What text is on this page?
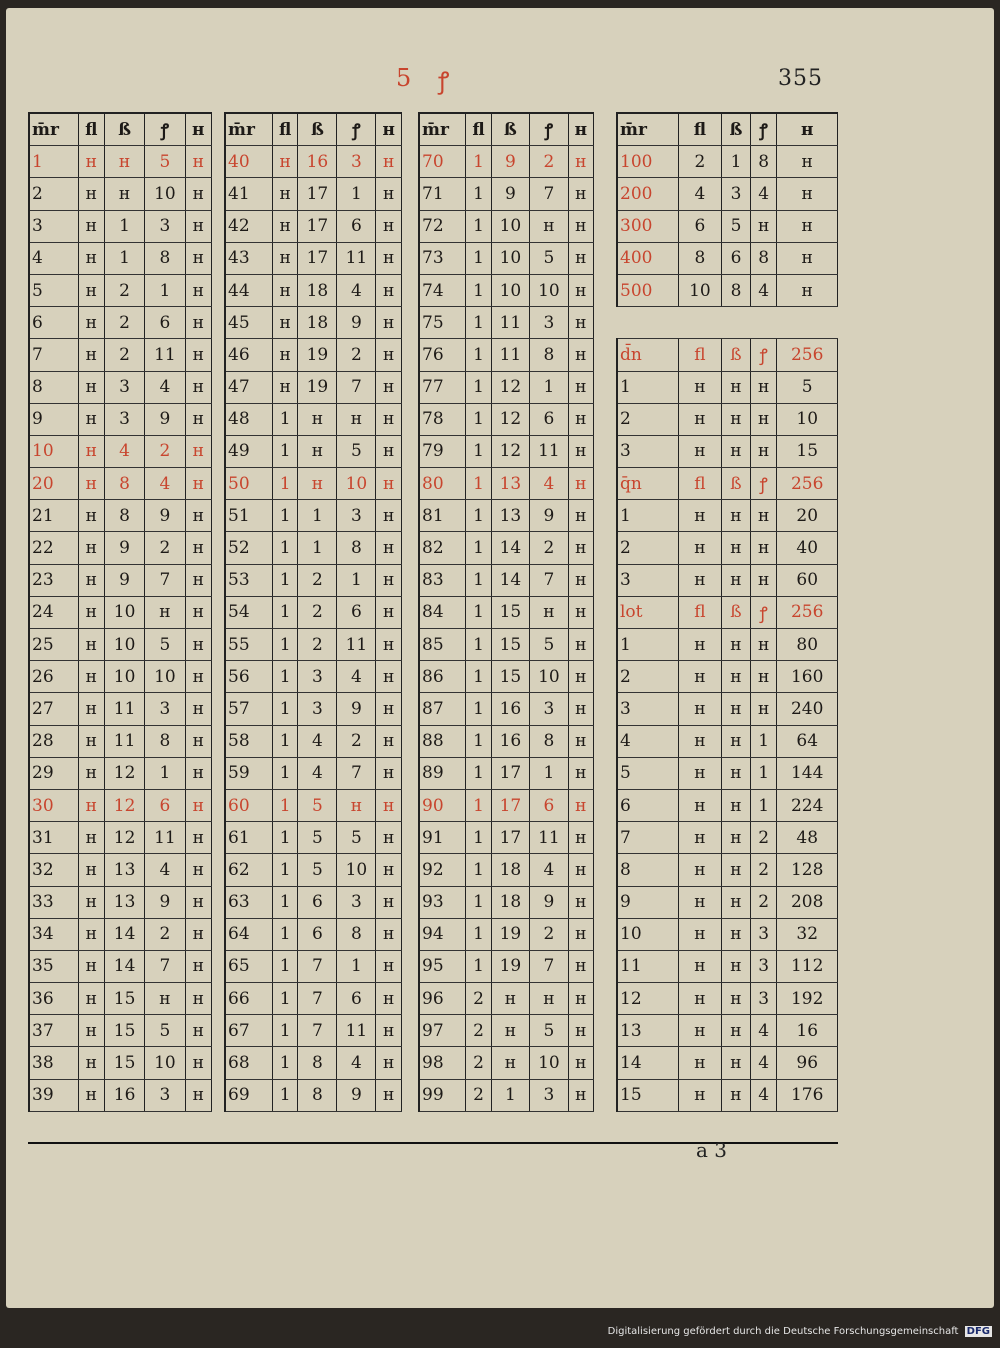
5 ꝭ	355
m̄r	fl	ß	ꝭ	ʜ
1	ʜ	ʜ	5	ʜ
2	ʜ	ʜ	10	ʜ
3	ʜ	1	3	ʜ
4	ʜ	1	8	ʜ
5	ʜ	2	1	ʜ
6	ʜ	2	6	ʜ
7	ʜ	2	11	ʜ
8	ʜ	3	4	ʜ
9	ʜ	3	9	ʜ
10	ʜ	4	2	ʜ
20	ʜ	8	4	ʜ
21	ʜ	8	9	ʜ
22	ʜ	9	2	ʜ
23	ʜ	9	7	ʜ
24	ʜ	10	ʜ	ʜ
25	ʜ	10	5	ʜ
26	ʜ	10	10	ʜ
27	ʜ	11	3	ʜ
28	ʜ	11	8	ʜ
29	ʜ	12	1	ʜ
30	ʜ	12	6	ʜ
31	ʜ	12	11	ʜ
32	ʜ	13	4	ʜ
33	ʜ	13	9	ʜ
34	ʜ	14	2	ʜ
35	ʜ	14	7	ʜ
36	ʜ	15	ʜ	ʜ
37	ʜ	15	5	ʜ
38	ʜ	15	10	ʜ
39	ʜ	16	3	ʜ
m̄r	fl	ß	ꝭ	ʜ
40	ʜ	16	3	ʜ
41	ʜ	17	1	ʜ
42	ʜ	17	6	ʜ
43	ʜ	17	11	ʜ
44	ʜ	18	4	ʜ
45	ʜ	18	9	ʜ
46	ʜ	19	2	ʜ
47	ʜ	19	7	ʜ
48	1	ʜ	ʜ	ʜ
49	1	ʜ	5	ʜ
50	1	ʜ	10	ʜ
51	1	1	3	ʜ
52	1	1	8	ʜ
53	1	2	1	ʜ
54	1	2	6	ʜ
55	1	2	11	ʜ
56	1	3	4	ʜ
57	1	3	9	ʜ
58	1	4	2	ʜ
59	1	4	7	ʜ
60	1	5	ʜ	ʜ
61	1	5	5	ʜ
62	1	5	10	ʜ
63	1	6	3	ʜ
64	1	6	8	ʜ
65	1	7	1	ʜ
66	1	7	6	ʜ
67	1	7	11	ʜ
68	1	8	4	ʜ
69	1	8	9	ʜ
m̄r	fl	ß	ꝭ	ʜ
70	1	9	2	ʜ
71	1	9	7	ʜ
72	1	10	ʜ	ʜ
73	1	10	5	ʜ
74	1	10	10	ʜ
75	1	11	3	ʜ
76	1	11	8	ʜ
77	1	12	1	ʜ
78	1	12	6	ʜ
79	1	12	11	ʜ
80	1	13	4	ʜ
81	1	13	9	ʜ
82	1	14	2	ʜ
83	1	14	7	ʜ
84	1	15	ʜ	ʜ
85	1	15	5	ʜ
86	1	15	10	ʜ
87	1	16	3	ʜ
88	1	16	8	ʜ
89	1	17	1	ʜ
90	1	17	6	ʜ
91	1	17	11	ʜ
92	1	18	4	ʜ
93	1	18	9	ʜ
94	1	19	2	ʜ
95	1	19	7	ʜ
96	2	ʜ	ʜ	ʜ
97	2	ʜ	5	ʜ
98	2	ʜ	10	ʜ
99	2	1	3	ʜ
m̄r	fl	ß	ꝭ	ʜ
100	2	1	8	ʜ
200	4	3	4	ʜ
300	6	5	ʜ	ʜ
400	8	6	8	ʜ
500	10	8	4	ʜ

d̄n	fl	ß	ꝭ	256
1	ʜ	ʜ	ʜ	5
2	ʜ	ʜ	ʜ	10
3	ʜ	ʜ	ʜ	15
q̄n	fl	ß	ꝭ	256
1	ʜ	ʜ	ʜ	20
2	ʜ	ʜ	ʜ	40
3	ʜ	ʜ	ʜ	60
lot	fl	ß	ꝭ	256
1	ʜ	ʜ	ʜ	80
2	ʜ	ʜ	ʜ	160
3	ʜ	ʜ	ʜ	240
4	ʜ	ʜ	1	64
5	ʜ	ʜ	1	144
6	ʜ	ʜ	1	224
7	ʜ	ʜ	2	48
8	ʜ	ʜ	2	128
9	ʜ	ʜ	2	208
10	ʜ	ʜ	3	32
11	ʜ	ʜ	3	112
12	ʜ	ʜ	3	192
13	ʜ	ʜ	4	16
14	ʜ	ʜ	4	96
15	ʜ	ʜ	4	176
a 3
Digitalisierung gefördert durch die Deutsche Forschungsgemeinschaft DFG
